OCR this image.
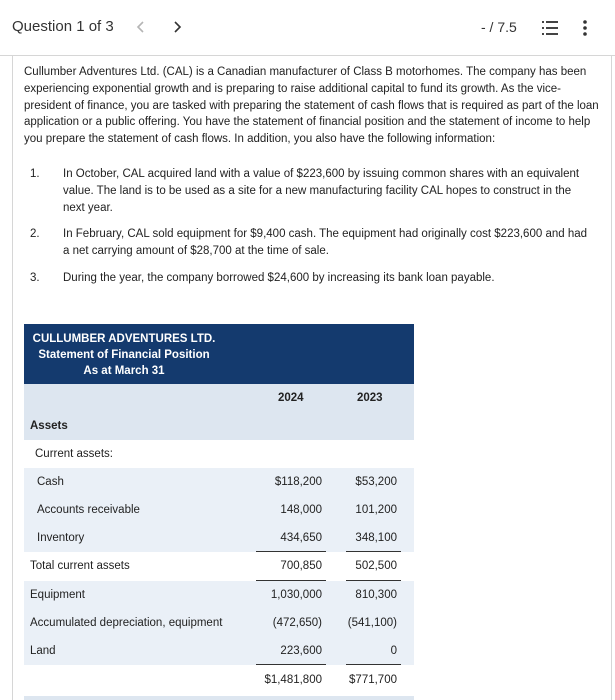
Question 1 of 3	- / 7.5

Cullumber Adventures Ltd. (CAL) is a Canadian manufacturer of Class B motorhomes. The company has been experiencing exponential growth and is preparing to raise additional capital to fund its growth. As the vice-president of finance, you are tasked with preparing the statement of cash flows that is required as part of the loan application or a public offering. You have the statement of financial position and the statement of income to help you prepare the statement of cash flows. In addition, you also have the following information:

1. In October, CAL acquired land with a value of $223,600 by issuing common shares with an equivalent value. The land is to be used as a site for a new manufacturing facility CAL hopes to construct in the next year.
2. In February, CAL sold equipment for $9,400 cash. The equipment had originally cost $223,600 and had a net carrying amount of $28,700 at the time of sale.
3. During the year, the company borrowed $24,600 by increasing its bank loan payable.
CULLUMBER ADVENTURES LTD.
Statement of Financial Position
As at March 31
2024	2023
Assets
Current assets:
Cash	$118,200	$53,200
Accounts receivable	148,000	101,200
Inventory	434,650	348,100
Total current assets	700,850	502,500
Equipment	1,030,000	810,300
Accumulated depreciation, equipment	(472,650) (541,100)
Land	223,600	0
$1,481,800 $771,700
